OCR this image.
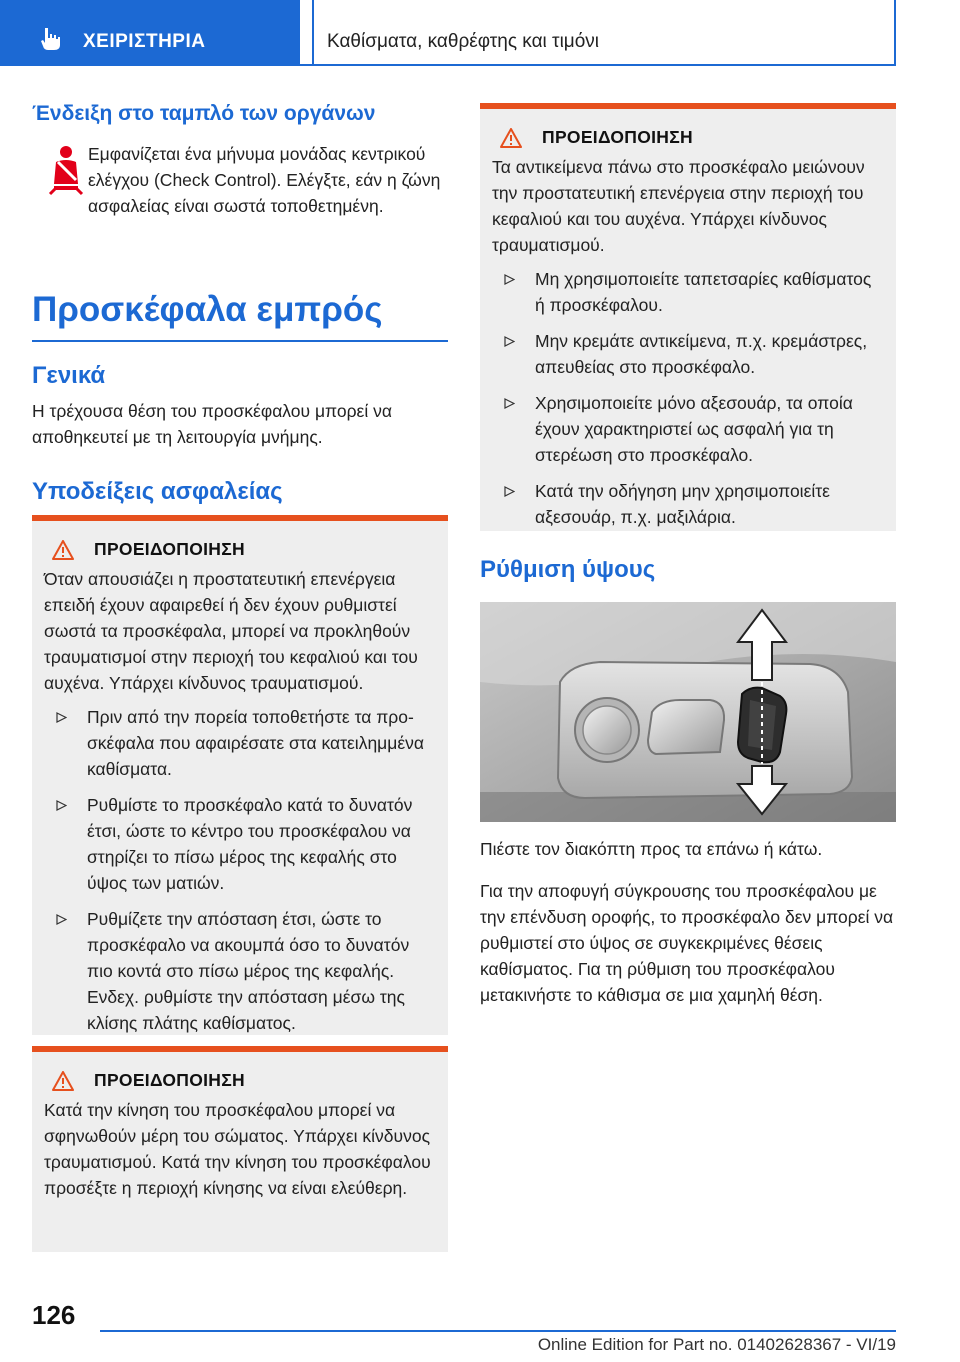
ΧΕΙΡΙΣΤΗΡΙΑ	Καθίσματα, καθρέφτης και τιμόνι
Ένδειξη στο ταμπλό των οργάνων
Εμφανίζεται ένα μήνυμα μονάδας κεντρικού ελέγχου (Check Control). Ελέγξτε, εάν η ζώνη ασφαλείας είναι σωστά τοποθετημένη.
Προσκέφαλα εμπρός
Γενικά
Η τρέχουσα θέση του προσκέφαλου μπορεί να αποθηκευτεί με τη λειτουργία μνήμης.
Υποδείξεις ασφαλείας
ΠΡΟΕΙΔΟΠΟΙΗΣΗ
Όταν απουσιάζει η προστατευτική επενέργεια επειδή έχουν αφαιρεθεί ή δεν έχουν ρυθμιστεί σωστά τα προσκέφαλα, μπορεί να προκληθούν τραυματισμοί στην περιοχή του κεφαλιού και του αυχένα. Υπάρχει κίνδυνος τραυματισμού.
Πριν από την πορεία τοποθετήστε τα προσκέφαλα που αφαιρέσατε στα κατειλημμένα καθίσματα.
Ρυθμίστε το προσκέφαλο κατά το δυνατόν έτσι, ώστε το κέντρο του προσκέφαλου να στηρίζει το πίσω μέρος της κεφαλής στο ύψος των ματιών.
Ρυθμίζετε την απόσταση έτσι, ώστε το προσκέφαλο να ακουμπά όσο το δυνατόν πιο κοντά στο πίσω μέρος της κεφαλής. Ενδεχ. ρυθμίστε την απόσταση μέσω της κλίσης πλάτης καθίσματος.
ΠΡΟΕΙΔΟΠΟΙΗΣΗ
Κατά την κίνηση του προσκέφαλου μπορεί να σφηνωθούν μέρη του σώματος. Υπάρχει κίνδυνος τραυματισμού. Κατά την κίνηση του προσκέφαλου προσέξτε η περιοχή κίνησης να είναι ελεύθερη.
ΠΡΟΕΙΔΟΠΟΙΗΣΗ
Τα αντικείμενα πάνω στο προσκέφαλο μειώνουν την προστατευτική επενέργεια στην περιοχή του κεφαλιού και του αυχένα. Υπάρχει κίνδυνος τραυματισμού.
Μη χρησιμοποιείτε ταπετσαρίες καθίσματος ή προσκέφαλου.
Μην κρεμάτε αντικείμενα, π.χ. κρεμάστρες, απευθείας στο προσκέφαλο.
Χρησιμοποιείτε μόνο αξεσουάρ, τα οποία έχουν χαρακτηριστεί ως ασφαλή για τη στερέωση στο προσκέφαλο.
Κατά την οδήγηση μην χρησιμοποιείτε αξεσουάρ, π.χ. μαξιλάρια.
Ρύθμιση ύψους
Πιέστε τον διακόπτη προς τα επάνω ή κάτω.
Για την αποφυγή σύγκρουσης του προσκέφαλου με την επένδυση οροφής, το προσκέφαλο δεν μπορεί να ρυθμιστεί στο ύψος σε συγκεκριμένες θέσεις καθίσματος. Για τη ρύθμιση του προσκέφαλου μετακινήστε το κάθισμα σε μια χαμηλή θέση.
126
Online Edition for Part no. 01402628367 - VI/19
